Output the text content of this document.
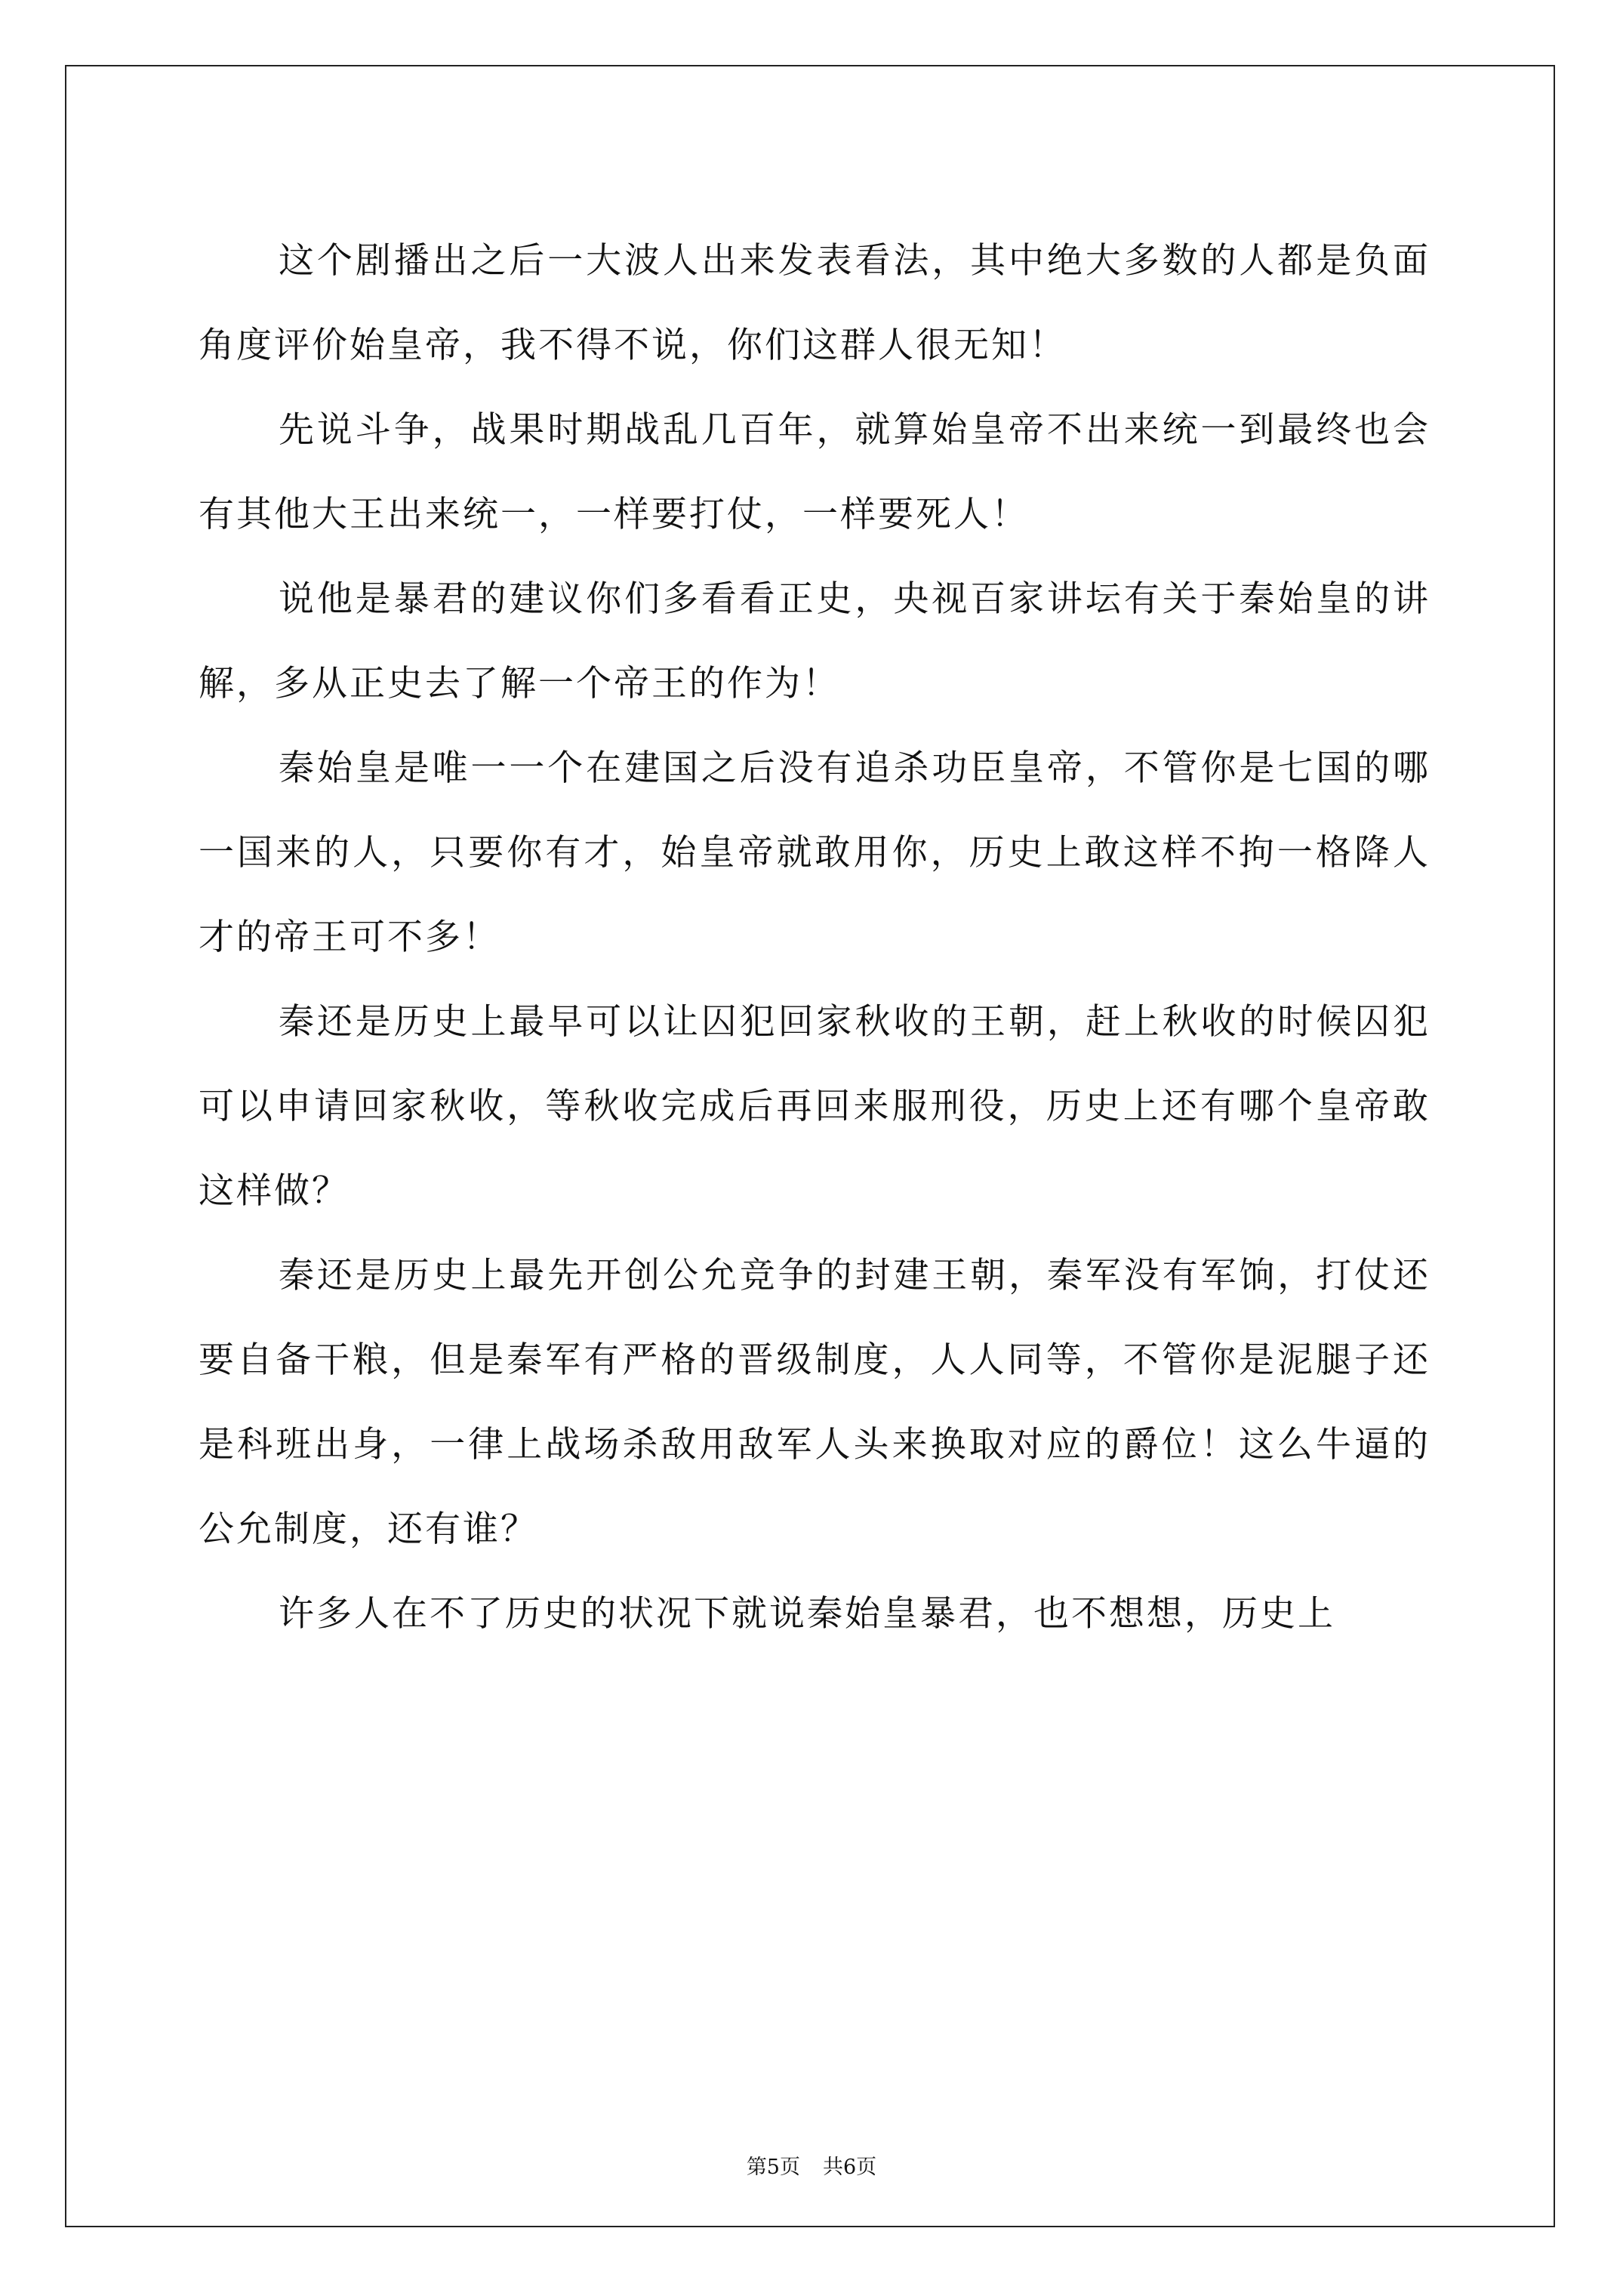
这个剧播出之后一大波人出来发表看法，其中绝大多数的人都是负面角度评价始皇帝，我不得不说，你们这群人很无知！

先说斗争，战果时期战乱几百年，就算始皇帝不出来统一到最终也会有其他大王出来统一，一样要打仗，一样要死人！

说他是暴君的建议你们多看看正史，央视百家讲坛有关于秦始皇的讲解，多从正史去了解一个帝王的作为！

秦始皇是唯一一个在建国之后没有追杀功臣皇帝，不管你是七国的哪一国来的人，只要你有才，始皇帝就敢用你，历史上敢这样不拘一格降人才的帝王可不多！

秦还是历史上最早可以让囚犯回家秋收的王朝，赶上秋收的时候囚犯可以申请回家秋收，等秋收完成后再回来服刑役，历史上还有哪个皇帝敢这样做？

秦还是历史上最先开创公允竞争的封建王朝，秦军没有军饷，打仗还要自备干粮，但是秦军有严格的晋级制度，人人同等，不管你是泥腿子还是科班出身，一律上战场杀敌用敌军人头来换取对应的爵位！这么牛逼的公允制度，还有谁？

许多人在不了历史的状况下就说秦始皇暴君，也不想想，历史上

第5页 共6页
